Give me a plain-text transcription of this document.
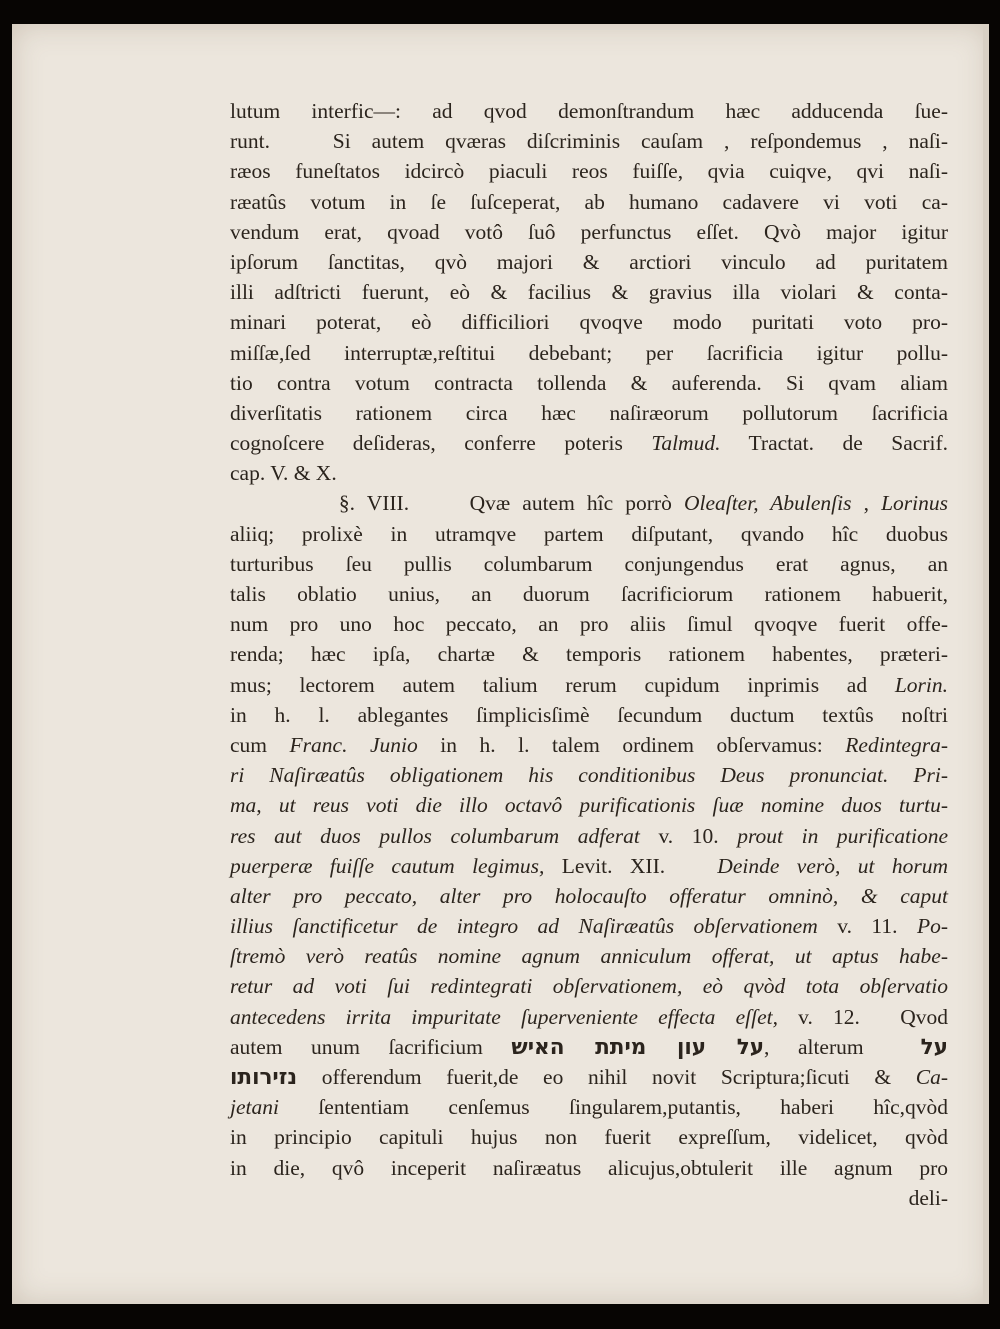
lutum interfic—: ad qvod demonſtrandum hæc adducenda ſue-
runt.   Si autem qværas diſcriminis cauſam , reſpondemus , naſi-
ræos funeſtatos idcircò piaculi reos fuiſſe, qvia cuiqve, qvi naſi-
ræatûs votum in ſe ſuſceperat, ab humano cadavere vi voti ca-
vendum erat, qvoad votô ſuô perfunctus eſſet. Qvò major igitur
ipſorum ſanctitas, qvò majori & arctiori vinculo ad puritatem
illi adſtricti fuerunt, eò & facilius & gravius illa violari & conta-
minari poterat, eò difficiliori qvoqve modo puritati voto pro-
miſſæ,ſed interruptæ,reſtitui debebant; per ſacrificia igitur pollu-
tio contra votum contracta tollenda & auferenda. Si qvam aliam
diverſitatis rationem circa hæc naſiræorum pollutorum ſacrificia
cognoſcere deſideras, conferre poteris Talmud. Tractat. de Sacrif.
cap. V. & X.
§. VIII.     Qvæ autem hîc porrò Oleaſter, Abulenſis , Lorinus
aliiq; prolixè in utramqve partem diſputant, qvando hîc duobus
turturibus ſeu pullis columbarum conjungendus erat agnus, an
talis oblatio unius, an duorum ſacrificiorum rationem habuerit,
num pro uno hoc peccato, an pro aliis ſimul qvoqve fuerit offe-
renda; hæc ipſa, chartæ & temporis rationem habentes, prӕteri-
mus; lectorem autem talium rerum cupidum inprimis ad Lorin.
in h. l. ablegantes ſimplicisſimè ſecundum ductum textûs noſtri
cum Franc. Junio in h. l. talem ordinem obſervamus: Redintegra-
ri Naſiræatûs obligationem his conditionibus Deus pronunciat. Pri-
ma, ut reus voti die illo octavô purificationis ſuæ nomine duos turtu-
res aut duos pullos columbarum adferat v. 10. prout in purificatione
puerperæ fuiſſe cautum legimus, Levit. XII.   Deinde verò, ut horum
alter pro peccato, alter pro holocauſto offeratur omninò, & caput
illius ſanctificetur de integro ad Naſiræatûs obſervationem v. 11. Po-
ſtremò verò reatûs nomine agnum anniculum offerat, ut aptus habe-
retur ad voti ſui redintegrati obſervationem, eò qvòd tota obſervatio
antecedens irrita impuritate ſuperveniente effecta eſſet, v. 12.  Qvod
autem unum ſacrificium על עון מיתת האיש, alterum  על
נזירותו offerendum fuerit,de eo nihil novit Scriptura;ſicuti & Ca-
jetani ſententiam cenſemus ſingularem,putantis, haberi hîc,qvòd
in principio capituli hujus non fuerit expreſſum, videlicet, qvòd
in die, qvô inceperit naſiræatus alicujus,obtulerit ille agnum pro
deli-
